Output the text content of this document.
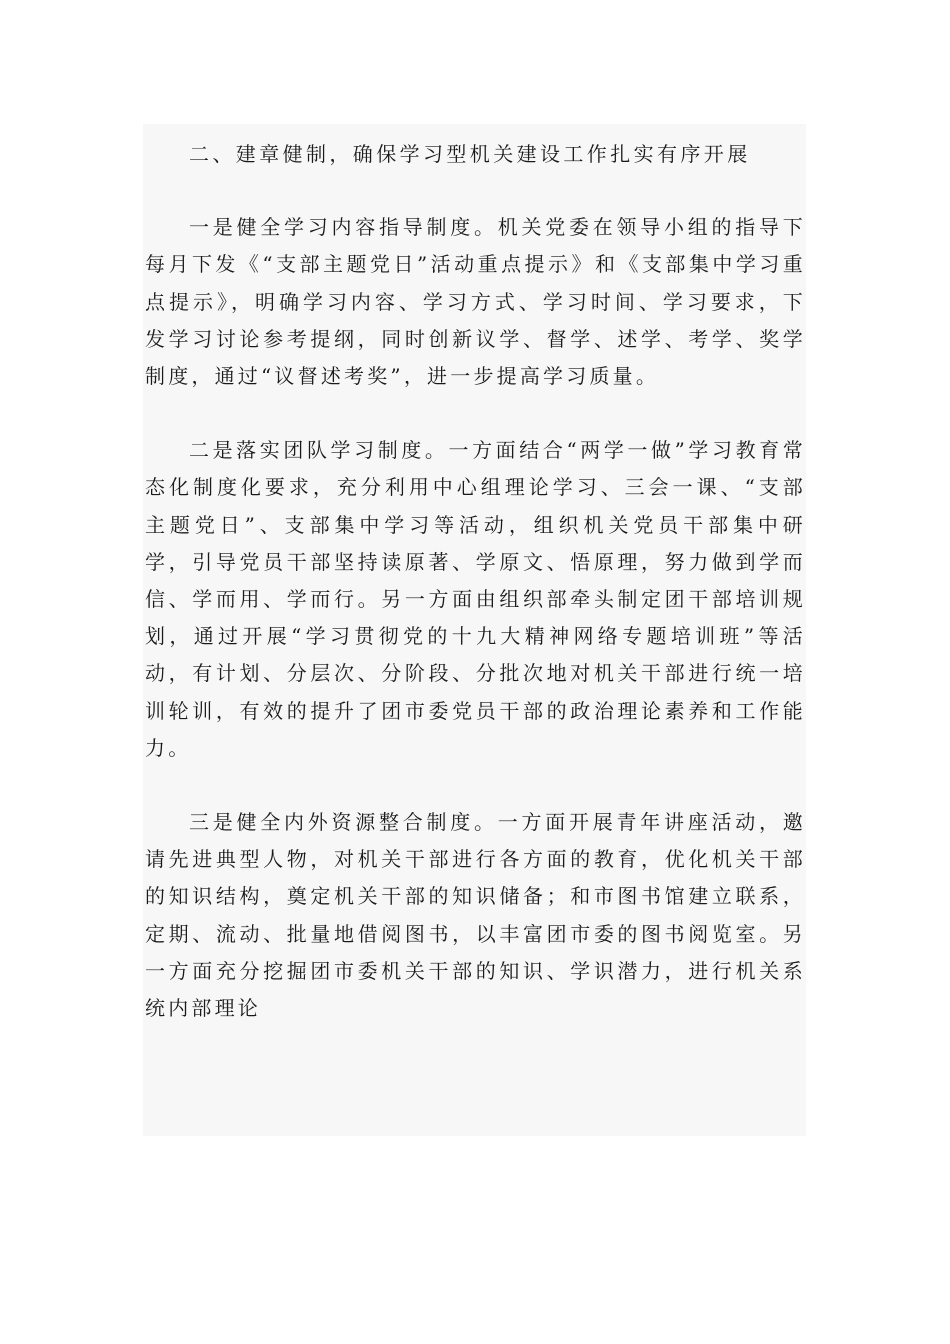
二、建章健制，确保学习型机关建设工作扎实有序开展

一是健全学习内容指导制度。机关党委在领导小组的指导下每月下发《“支部主题党日”活动重点提示》和《支部集中学习重点提示》，明确学习内容、学习方式、学习时间、学习要求，下发学习讨论参考提纲，同时创新议学、督学、述学、考学、奖学制度，通过“议督述考奖”，进一步提高学习质量。

二是落实团队学习制度。一方面结合“两学一做”学习教育常态化制度化要求，充分利用中心组理论学习、三会一课、“支部主题党日”、支部集中学习等活动，组织机关党员干部集中研学，引导党员干部坚持读原著、学原文、悟原理，努力做到学而信、学而用、学而行。另一方面由组织部牵头制定团干部培训规划，通过开展“学习贯彻党的十九大精神网络专题培训班”等活动，有计划、分层次、分阶段、分批次地对机关干部进行统一培训轮训，有效的提升了团市委党员干部的政治理论素养和工作能力。

三是健全内外资源整合制度。一方面开展青年讲座活动，邀请先进典型人物，对机关干部进行各方面的教育，优化机关干部的知识结构，奠定机关干部的知识储备；和市图书馆建立联系，定期、流动、批量地借阅图书，以丰富团市委的图书阅览室。另一方面充分挖掘团市委机关干部的知识、学识潜力，进行机关系统内部理论
